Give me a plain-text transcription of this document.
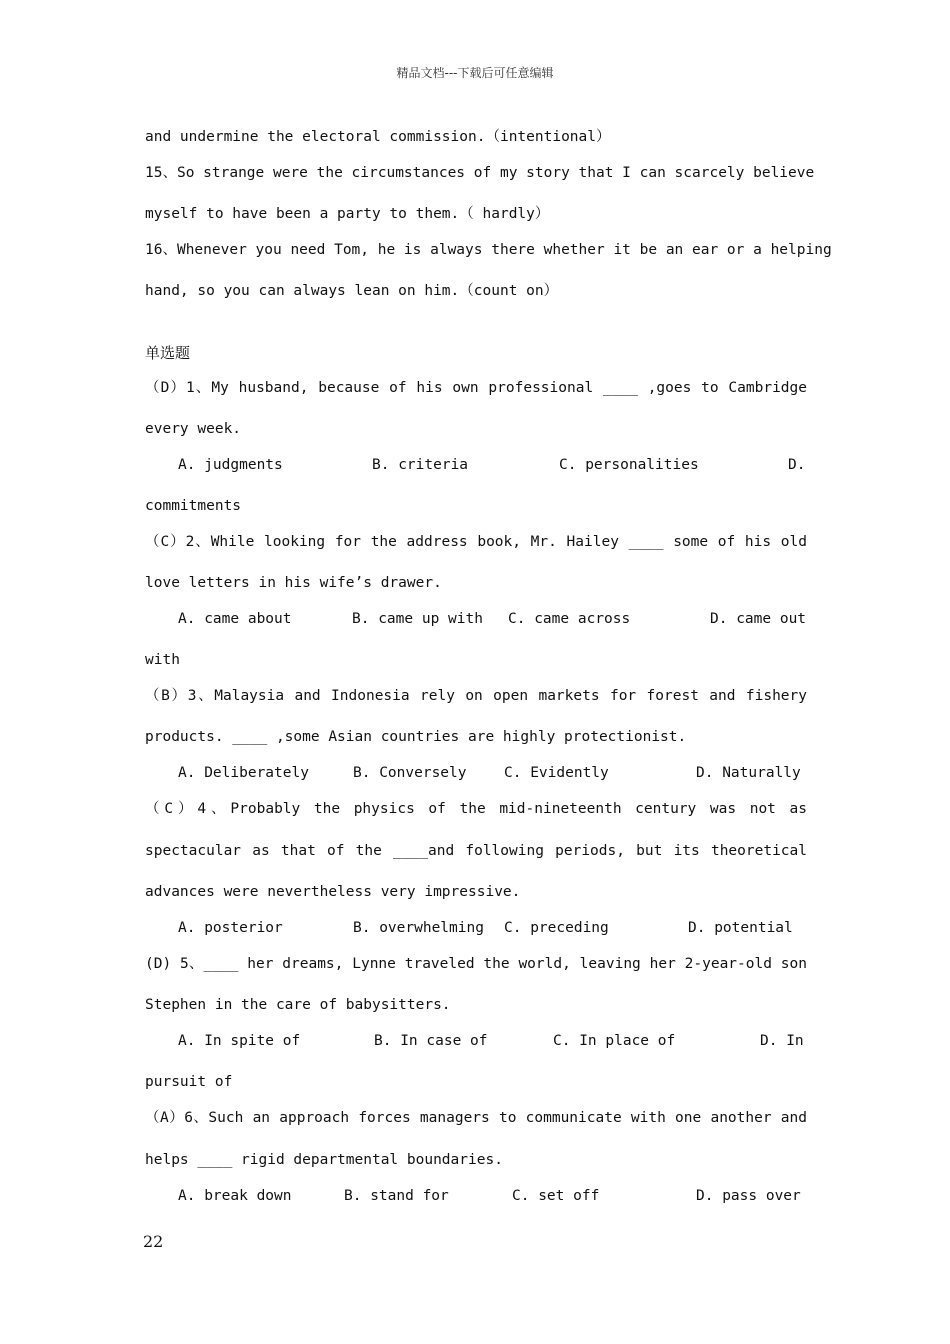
精品文档---下载后可任意编辑
and undermine the electoral commission.（intentional）
15、So strange were the circumstances of my story that I can scarcely believe
myself to have been a party to them.（ hardly）
16、Whenever you need Tom, he is always there whether it be an ear or a helping
hand, so you can always lean on him.（count on）
单选题
（D）1、My husband, because of his own professional ____ ,goes to Cambridge
every week.
A. judgments	B. criteria	C. personalities	D.
commitments
（C）2、While looking for the address book, Mr. Hailey ____ some of his old
love letters in his wife’s drawer.
A. came about	B. came up with C. came across	D. came out
with
（B）3、Malaysia and Indonesia rely on open markets for forest and fishery
products. ____ ,some Asian countries are highly protectionist.
A. Deliberately	B. Conversely	C. Evidently	D. Naturally
（C）4、Probably the physics of the mid-nineteenth century was not as
spectacular as that of the ____and following periods, but its theoretical
advances were nevertheless very impressive.
A. posterior	B. overwhelming C. preceding	D. potential
(D) 5、____ her dreams, Lynne traveled the world, leaving her 2-year-old son
Stephen in the care of babysitters.
A. In spite of	B. In case of	C. In place of	D. In
pursuit of
（A）6、Such an approach forces managers to communicate with one another and
helps ____ rigid departmental boundaries.
A. break down	B. stand for	C. set off	D. pass over
22
